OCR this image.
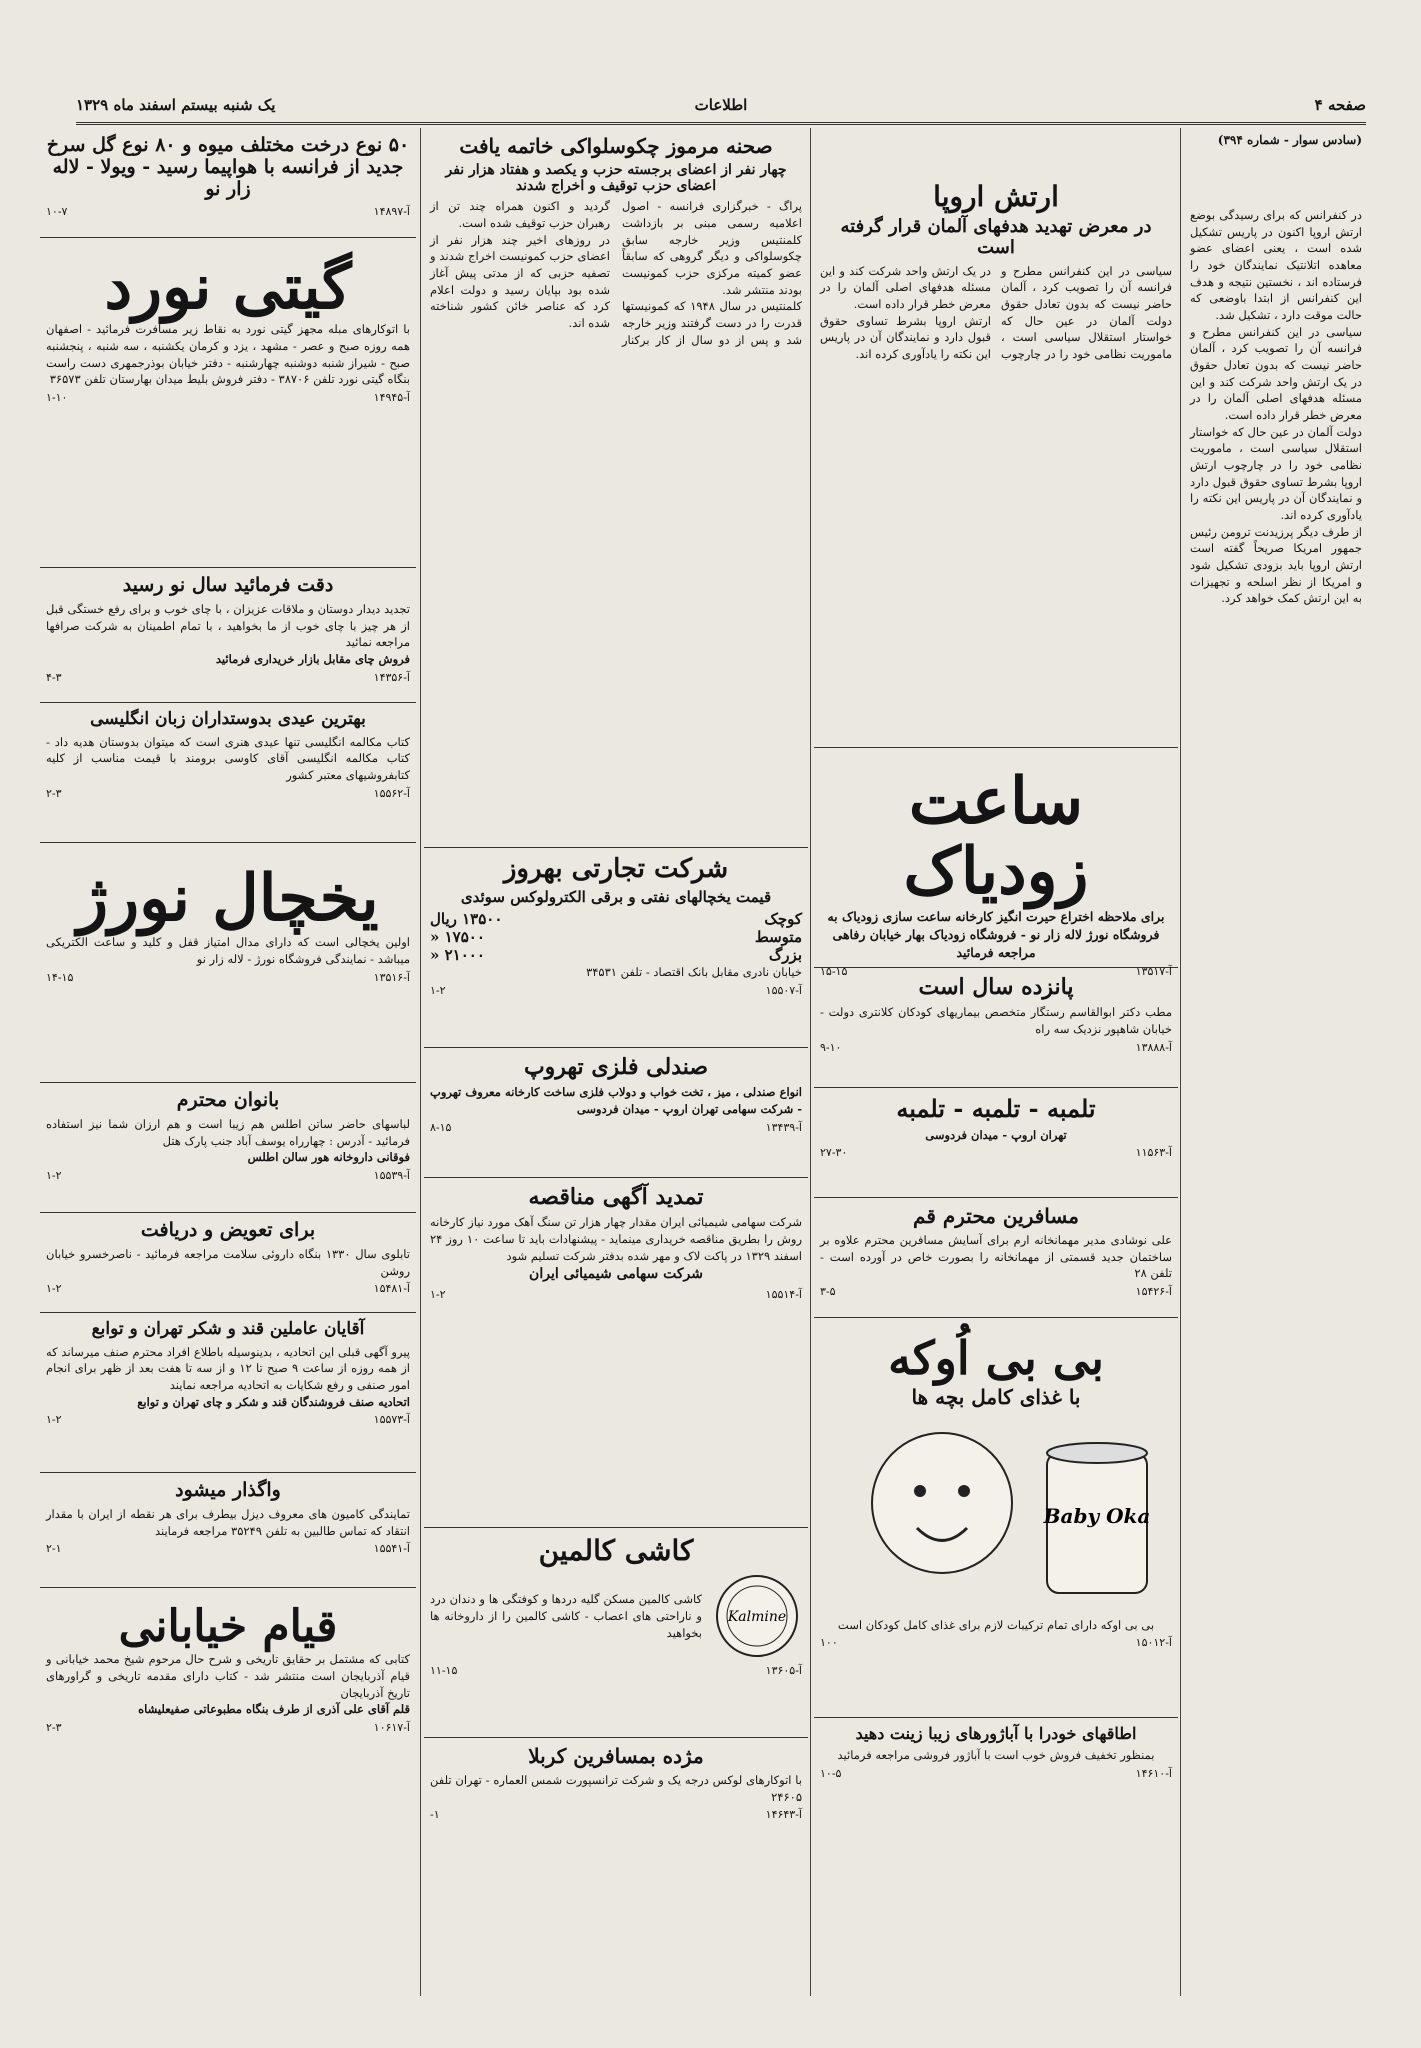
صفحه ۴
اطلاعات
یک شنبه بیستم اسفند ماه ۱۳۲۹
(سادس سوار - شماره ۳۹۴)

در کنفرانس که برای رسیدگی بوضع ارتش اروپا اکنون در پاریس تشکیل شده است ، یعنی اعضای عضو معاهده اتلانتیک نمایندگان خود را فرستاده اند ، نخستین نتیجه و هدف این کنفرانس از ابتدا باوضعی که حالت موقت دارد ، تشکیل شد.

سیاسی در این کنفرانس مطرح و فرانسه آن را تصویب کرد ، آلمان حاضر نیست که بدون تعادل حقوق در یک ارتش واحد شرکت کند و این مسئله هدفهای اصلی آلمان را در معرض خطر قرار داده است.

دولت آلمان در عین حال که خواستار استقلال سیاسی است ، ماموریت نظامی خود را در چارچوب ارتش اروپا بشرط تساوی حقوق قبول دارد و نمایندگان آن در پاریس این نکته را یادآوری کرده اند.

از طرف دیگر پرزیدنت ترومن رئیس جمهور امریکا صریحاً گفته است ارتش اروپا باید بزودی تشکیل شود و امریکا از نظر اسلحه و تجهیزات به این ارتش کمک خواهد کرد.

ارتش اروپا
در معرض تهدید هدفهای آلمان قرار گرفته است

سیاسی در این کنفرانس مطرح و فرانسه آن را تصویب کرد ، آلمان حاضر نیست که بدون تعادل حقوق در یک ارتش واحد شرکت کند و این مسئله هدفهای اصلی آلمان را در معرض خطر قرار داده است.

دولت آلمان در عین حال که خواستار استقلال سیاسی است ، ماموریت نظامی خود را در چارچوب ارتش اروپا بشرط تساوی حقوق قبول دارد و نمایندگان آن در پاریس این نکته را یادآوری کرده اند.

ساعت زودیاک

برای ملاحظه اختراع حیرت انگیز کارخانه ساعت سازی زودیاک به فروشگاه نورژ لاله زار نو - فروشگاه زودیاک بهار خیابان رفاهی مراجعه فرمائید

آ-۱۳۵۱۷
۱۵-۱۵
پانزده سال است

مطب دکتر ابوالقاسم رستگار متخصص بیماریهای کودکان کلانتری دولت - خیابان شاهپور نزدیک سه راه

آ-۱۳۸۸۸
۹-۱۰
تلمبه - تلمبه - تلمبه

تهران اروپ - میدان فردوسی

آ-۱۱۵۶۳
۲۷-۳۰
مسافرین محترم قم

علی نوشادی مدیر مهمانخانه ارم برای آسایش مسافرین محترم علاوه بر ساختمان جدید قسمتی از مهمانخانه را بصورت خاص در آورده است - تلفن ۲۸

آ-۱۵۴۲۶
۳-۵
بی بی اُوکه
با غذای کامل بچه ها
Baby Oka

بی بی اوکه دارای تمام ترکیبات لازم برای غذای کامل کودکان است

آ-۱۵۰۱۲
۱۰۰
اطاقهای خودرا با آباژورهای زیبا زینت دهید

بمنظور تخفیف فروش خوب است با آباژور فروشی مراجعه فرمائید

آ-۱۴۶۱۰
۱۰-۵
صحنه مرموز چکوسلواکی خاتمه یافت
چهار نفر از اعضای برجسته حزب و یکصد و هفتاد هزار نفر اعضای حزب توقیف و اخراج شدند

پراگ - خبرگزاری فرانسه - اصول اعلامیه رسمی مبنی بر بازداشت کلمنتیس وزیر خارجه سابق چکوسلواکی و دیگر گروهی که سابقاً عضو کمیته مرکزی حزب کمونیست بودند منتشر شد.

کلمنتیس در سال ۱۹۴۸ که کمونیستها قدرت را در دست گرفتند وزیر خارجه شد و پس از دو سال از کار برکنار گردید و اکنون همراه چند تن از رهبران حزب توقیف شده است.

در روزهای اخیر چند هزار نفر از اعضای حزب کمونیست اخراج شدند و تصفیه حزبی که از مدتی پیش آغاز شده بود بپایان رسید و دولت اعلام کرد که عناصر خائن کشور شناخته شده اند.

شرکت تجارتی بهروز
قیمت یخچالهای نفتی و برقی الکترولوکس سوئدی
کوچک
۱۳۵۰۰ ریال
متوسط
۱۷۵۰۰ «
بزرگ
۲۱۰۰۰ «

خیابان نادری مقابل بانک اقتصاد - تلفن ۳۴۵۳۱

آ-۱۵۵۰۷
۱-۲
صندلی فلزی تهروپ

انواع صندلی ، میز ، تخت خواب و دولاب فلزی ساخت کارخانه معروف تهروپ - شرکت سهامی تهران اروپ - میدان فردوسی

آ-۱۳۴۳۹
۸-۱۵
تمدید آگهی مناقصه

شرکت سهامی شیمیائی ایران مقدار چهار هزار تن سنگ آهک مورد نیاز کارخانه روش را بطریق مناقصه خریداری مینماید - پیشنهادات باید تا ساعت ۱۰ روز ۲۴ اسفند ۱۳۲۹ در پاکت لاک و مهر شده بدفتر شرکت تسلیم شود

شرکت سهامی شیمیائی ایران

آ-۱۵۵۱۴
۱-۲
کاشی کالمین
Kalmine

کاشی کالمین مسکن گلیه دردها و کوفتگی ها و دندان درد و ناراحتی های اعصاب - کاشی کالمین را از داروخانه ها بخواهید

آ-۱۳۶۰۵
۱۱-۱۵
مژده بمسافرین کربلا

با اتوکارهای لوکس درجه یک و شرکت ترانسپورت شمس العماره - تهران تلفن ۲۴۶۰۵

آ-۱۴۶۴۳
۱-
۵۰ نوع درخت مختلف میوه و ۸۰ نوع گل سرخ جدید از فرانسه با هواپیما رسید - ویولا - لاله زار نو
آ-۱۴۸۹۷
۱۰-۷
گیتی نورد

با اتوکارهای مبله مجهز گیتی نورد به نقاط زیر مسافرت فرمائید - اصفهان همه روزه صبح و عصر - مشهد ، یزد و کرمان یکشنبه ، سه شنبه ، پنجشنبه صبح - شیراز شنبه دوشنبه چهارشنبه - دفتر خیابان بوذرجمهری دست راست بنگاه گیتی نورد تلفن ۳۸۷۰۶ - دفتر فروش بلیط میدان بهارستان تلفن ۳۶۵۷۳

آ-۱۴۹۴۵
۱-۱۰
دقت فرمائید سال نو رسید

تجدید دیدار دوستان و ملاقات عزیزان ، با چای خوب و برای رفع خستگی قبل از هر چیز با چای خوب از ما بخواهید ، با تمام اطمینان به شرکت صرافها مراجعه نمائید

فروش چای مقابل بازار خریداری فرمائید

آ-۱۴۳۵۶
۴-۳
بهترین عیدی بدوستداران زبان انگلیسی

کتاب مکالمه انگلیسی تنها عیدی هنری است که میتوان بدوستان هدیه داد - کتاب مکالمه انگلیسی آقای کاوسی برومند با قیمت مناسب از کلیه کتابفروشیهای معتبر کشور

آ-۱۵۵۶۲
۲-۳
یخچال نورژ

اولین یخچالی است که دارای مدال امتیاز قفل و کلید و ساعت الکتریکی میباشد - نمایندگی فروشگاه نورژ - لاله زار نو

آ-۱۳۵۱۶
۱۴-۱۵
بانوان محترم

لباسهای حاضر ساتن اطلس هم زیبا است و هم ارزان شما نیز استفاده فرمائید - آدرس : چهارراه یوسف آباد جنب پارک هتل

فوقانی داروخانه هور سالن اطلس

آ-۱۵۵۳۹
۱-۲
برای تعویض و دریافت

تابلوی سال ۱۳۳۰ بنگاه داروئی سلامت مراجعه فرمائید - ناصرخسرو خیابان روشن

آ-۱۵۴۸۱
۱-۲
آقایان عاملین قند و شکر تهران و توابع

پیرو آگهی قبلی این اتحادیه ، بدینوسیله باطلاع افراد محترم صنف میرساند که از همه روزه از ساعت ۹ صبح تا ۱۲ و از سه تا هفت بعد از ظهر برای انجام امور صنفی و رفع شکایات به اتحادیه مراجعه نمایند

اتحادیه صنف فروشندگان قند و شکر و چای تهران و توابع

آ-۱۵۵۷۳
۱-۲
واگذار میشود

تمایندگی کامیون های معروف دیزل بیطرف برای هر نقطه از ایران با مقدار انتقاد که تماس طالبین به تلفن ۳۵۲۴۹ مراجعه فرمایند

آ-۱۵۵۴۱
۲-۱
قیام خیابانی

کتابی که مشتمل بر حقایق تاریخی و شرح حال مرحوم شیخ محمد خیابانی و قیام آذربایجان است منتشر شد - کتاب دارای مقدمه تاریخی و گراورهای تاریخ آذربایجان

قلم آقای علی آذری از طرف بنگاه مطبوعاتی صفیعلیشاه

آ-۱۰۶۱۷
۲-۳
